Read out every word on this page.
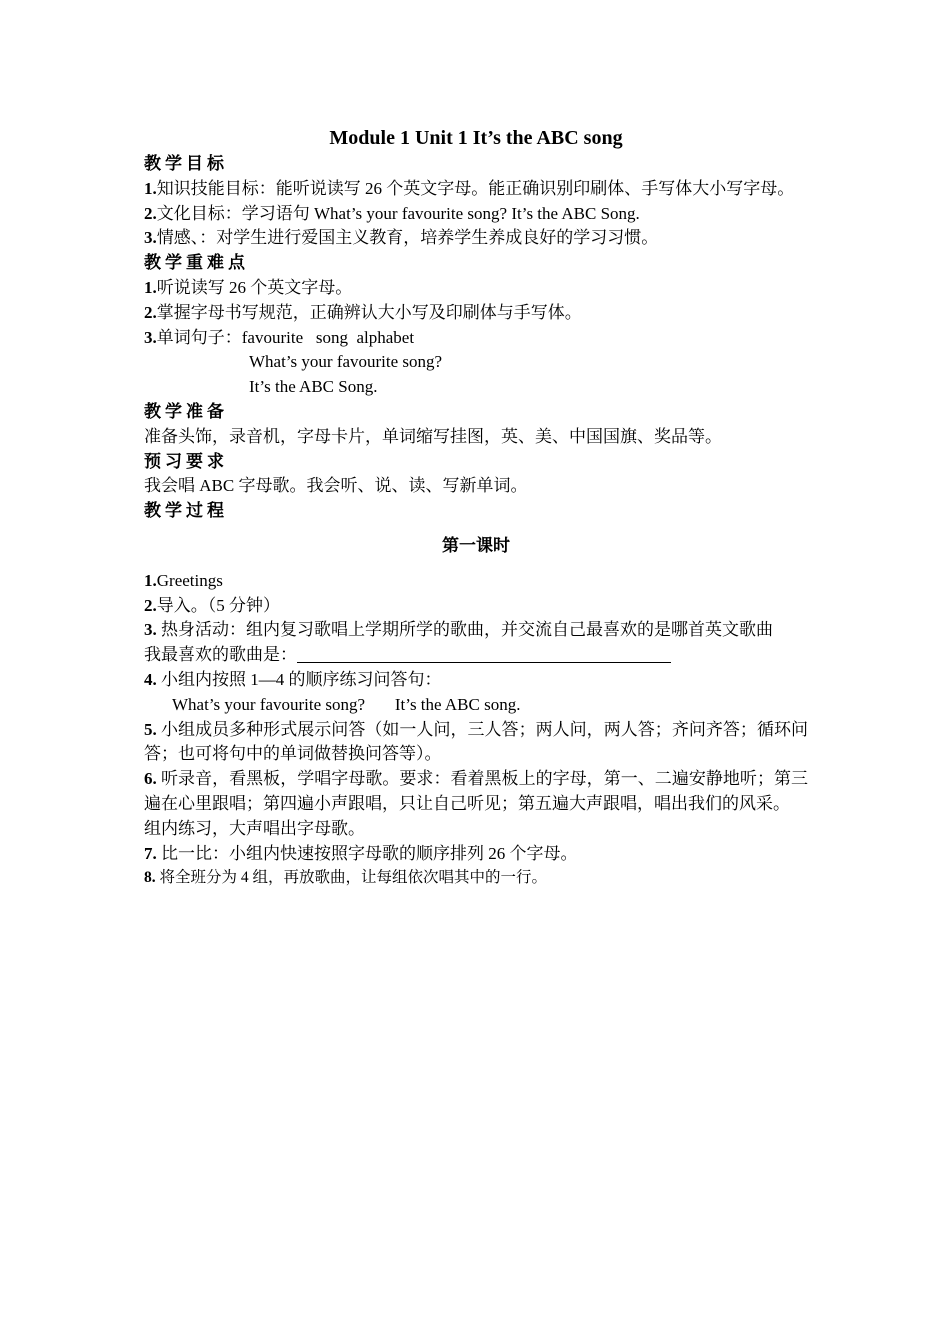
Module 1 Unit 1 It’s the ABC song
教学目标

1.知识技能目标：能听说读写 26 个英文字母。能正确识别印刷体、手写体大小写字母。

2.文化目标：学习语句 What’s your favourite song? It’s the ABC Song.

3.情感、：对学生进行爱国主义教育，培养学生养成良好的学习习惯。

教学重难点

1.听说读写 26 个英文字母。

2.掌握字母书写规范，正确辨认大小写及印刷体与手写体。

3.单词句子：favourite   song  alphabet

What’s your favourite song?

It’s the ABC Song.

教学准备

准备头饰，录音机，字母卡片，单词缩写挂图，英、美、中国国旗、奖品等。

预习要求

我会唱 ABC 字母歌。我会听、说、读、写新单词。

教学过程
第一课时

1.Greetings

2.导入。（5 分钟）

3. 热身活动：组内复习歌唱上学期所学的歌曲，并交流自己最喜欢的是哪首英文歌曲

我最喜欢的歌曲是：

4. 小组内按照 1—4 的顺序练习问答句：

What’s your favourite song?       It’s the ABC song.

5. 小组成员多种形式展示问答（如一人问，三人答；两人问，两人答；齐问齐答；循环问答；也可将句中的单词做替换问答等）。

6. 听录音，看黑板，学唱字母歌。要求：看着黑板上的字母，第一、二遍安静地听；第三遍在心里跟唱；第四遍小声跟唱，只让自己听见；第五遍大声跟唱，唱出我们的风采。

组内练习，大声唱出字母歌。

7. 比一比：小组内快速按照字母歌的顺序排列 26 个字母。

8. 将全班分为 4 组，再放歌曲，让每组依次唱其中的一行。
